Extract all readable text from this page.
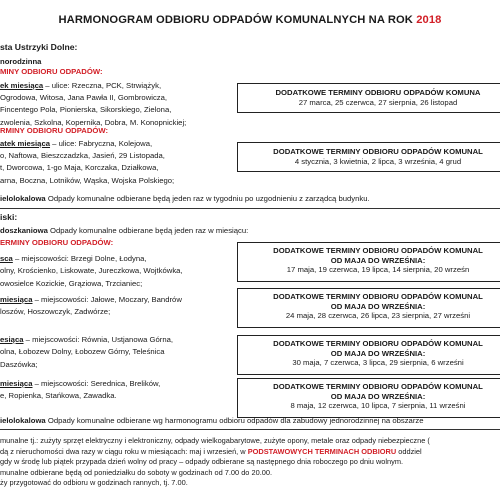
HARMONOGRAM ODBIORU ODPADÓW KOMUNALNYCH NA ROK 2018
sta Ustrzyki Dolne:
norodzinna
MINY ODBIORU ODPADÓW:
ek miesiąca – ulice: Rzeczna, PCK, Strwiążyk,
Ogrodowa, Witosa, Jana Pawła II, Gombrowicza,
Fincentego Pola, Pionierska, Sikorskiego, Zielona,
zwolenia, Szkolna, Kopernika, Dobra, M. Konopnickiej;
DODATKOWE TERMINY ODBIORU ODPADÓW KOMUNA
27 marca, 25 czerwca, 27 sierpnia, 26 listopad
RMINY ODBIORU ODPADÓW:
atek miesiąca – ulice: Fabryczna, Kolejowa,
o, Naftowa, Bieszczadzka, Jasień, 29 Listopada,
t, Dworcowa, 1-go Maja, Korczaka, Działkowa,
arna, Boczna, Lotników, Wąska, Wojska Polskiego;
DODATKOWE TERMINY ODBIORU ODPADÓW KOMUNAL
4 stycznia, 3 kwietnia, 2 lipca, 3 września, 4 grud
ielolokalowa Odpady komunalne odbierane będą jeden raz w tygodniu po uzgodnieniu z zarządcą budynku.
iski:
doszkaniowa Odpady komunalne odbierane będą jeden raz w miesiącu:
ERMINY ODBIORU ODPADÓW:
sca – miejscowości: Brzegi Dolne, Łodyna,
olny, Krościenko, Liskowate, Jureczkowa, Wojtkówka,
owosielce Kozickie, Grąziowa, Trzcianiec;
DODATKOWE TERMINY ODBIORU ODPADÓW KOMUNAL
OD MAJA DO WRZEŚNIA:
17 maja, 19 czerwca, 19 lipca, 14 sierpnia, 20 wrześn
miesiąca – miejscowości: Jałowe, Moczary, Bandrów
loszów, Hoszowczyk, Zadwórze;
DODATKOWE TERMINY ODBIORU ODPADÓW KOMUNAL
OD MAJA DO WRZEŚNIA:
24 maja, 28 czerwca, 26 lipca, 23 sierpnia, 27 wrześni
esiąca – miejscowości: Równia, Ustjanowa Górna,
olna, Łobozew Dolny, Łobozew Górny, Teleśnica
Daszówka;
DODATKOWE TERMINY ODBIORU ODPADÓW KOMUNAL
OD MAJA DO WRZEŚNIA:
30 maja, 7 czerwca, 3 lipca, 29 sierpnia, 6 wrześni
miesiąca – miejscowości: Serednica, Brelików,
e, Ropienka, Stańkowa, Zawadka.
DODATKOWE TERMINY ODBIORU ODPADÓW KOMUNAL
OD MAJA DO WRZEŚNIA:
8 maja, 12 czerwca, 10 lipca, 7 sierpnia, 11 wrześni
ielolokalowa Odpady komunalne odbierane wg harmonogramu odbioru odpadów dla zabudowy jednorodzinnej na obszarze
munalne tj.: zużyty sprzęt elektryczny i elektroniczny, odpady wielkogabarytowe, zużyte opony, metale oraz odpady niebezpieczne (
dą z nieruchomości dwa razy w ciągu roku w miesiącach: maj i wrzesień, w PODSTAWOWYCH TERMINACH ODBIORU oddziel
gdy w środę lub piątek przypada dzień wolny od pracy – odpady odbierane są następnego dnia roboczego po dniu wolnym.
munalne odbierane będą od poniedziałku do soboty w godzinach od 7.00 do 20.00.
ży przygotować do odbioru w godzinach rannych, tj. 7.00.
